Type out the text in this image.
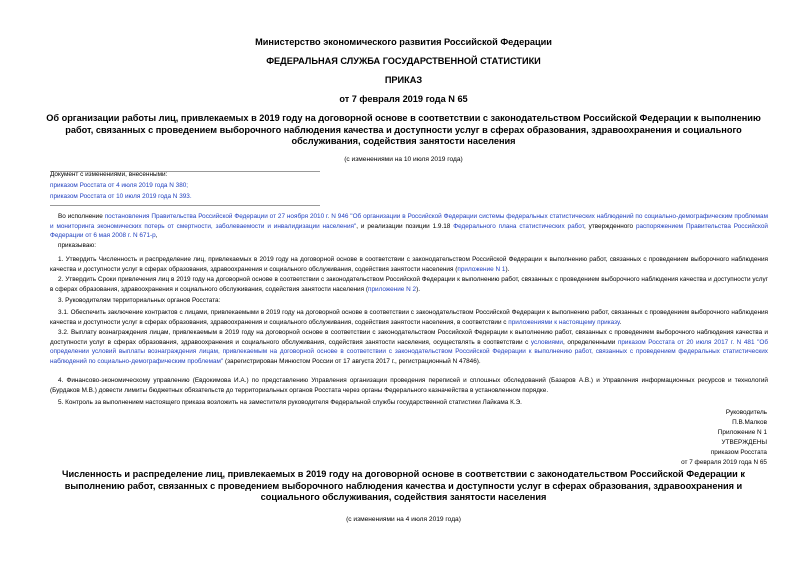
Министерство экономического развития Российской Федерации
ФЕДЕРАЛЬНАЯ СЛУЖБА ГОСУДАРСТВЕННОЙ СТАТИСТИКИ
ПРИКАЗ
от 7 февраля 2019 года N 65
Об организации работы лиц, привлекаемых в 2019 году на договорной основе в соответствии с законодательством Российской Федерации к выполнению работ, связанных с проведением выборочного наблюдения качества и доступности услуг в сферах образования, здравоохранения и социального обслуживания, содействия занятости населения
(с изменениями на 10 июля 2019 года)
Документ с изменениями, внесенными:
приказом Росстата от 4 июля 2019 года N 380;
приказом Росстата от 10 июля 2019 года N 393.
Во исполнение постановления Правительства Российской Федерации от 27 ноября 2010 г. N 946 "Об организации в Российской Федерации системы федеральных статистических наблюдений по социально-демографическим проблемам и мониторинга экономических потерь от смертности, заболеваемости и инвалидизации населения", и реализации позиции 1.9.18 Федерального плана статистических работ, утвержденного распоряжением Правительства Российской Федерации от 6 мая 2008 г. N 671-р,
приказываю:
1. Утвердить Численность и распределение лиц, привлекаемых в 2019 году на договорной основе в соответствии с законодательством Российской Федерации к выполнению работ, связанных с проведением выборочного наблюдения качества и доступности услуг в сферах образования, здравоохранения и социального обслуживания, содействия занятости населения (приложение N 1).
2. Утвердить Сроки привлечения лиц в 2019 году на договорной основе в соответствии с законодательством Российской Федерации к выполнению работ, связанных с проведением выборочного наблюдения качества и доступности услуг в сферах образования, здравоохранения и социального обслуживания, содействия занятости населения (приложение N 2).
3. Руководителям территориальных органов Росстата:
3.1. Обеспечить заключение контрактов с лицами, привлекаемыми в 2019 году на договорной основе в соответствии с законодательством Российской Федерации к выполнению работ, связанных с проведением выборочного наблюдения качества и доступности услуг в сферах образования, здравоохранения и социального обслуживания, содействия занятости населения, в соответствии с приложениями к настоящему приказу.
3.2. Выплату вознаграждения лицам, привлекаемым в 2019 году на договорной основе в соответствии с законодательством Российской Федерации к выполнению работ, связанных с проведением выборочного наблюдения качества и доступности услуг в сферах образования, здравоохранения и социального обслуживания, содействия занятости населения, осуществлять в соответствии с условиями, определенными приказом Росстата от 20 июля 2017 г. N 481 "Об определении условий выплаты вознаграждения лицам, привлекаемым на договорной основе в соответствии с законодательством Российской Федерации к выполнению работ, связанных с проведением федеральных статистических наблюдений по социально-демографическим проблемам" (зарегистрирован Минюстом России от 17 августа 2017 г., регистрационный N 47846).
4. Финансово-экономическому управлению (Евдокимова И.А.) по представлению Управления организации проведения переписей и сплошных обследований (Базаров А.В.) и Управления информационных ресурсов и технологий (Бурдаков М.В.) довести лимиты бюджетных обязательств до территориальных органов Росстата через органы Федерального казначейства в установленном порядке.
5. Контроль за выполнением настоящего приказа возложить на заместителя руководителя Федеральной службы государственной статистики Лайкама К.Э.
Руководитель
П.В.Малков
Приложение N 1
УТВЕРЖДЕНЫ
приказом Росстата
от 7 февраля 2019 года N 65
Численность и распределение лиц, привлекаемых в 2019 году на договорной основе в соответствии с законодательством Российской Федерации к выполнению работ, связанных с проведением выборочного наблюдения качества и доступности услуг в сферах образования, здравоохранения и социального обслуживания, содействия занятости населения
(с изменениями на 4 июля 2019 года)
